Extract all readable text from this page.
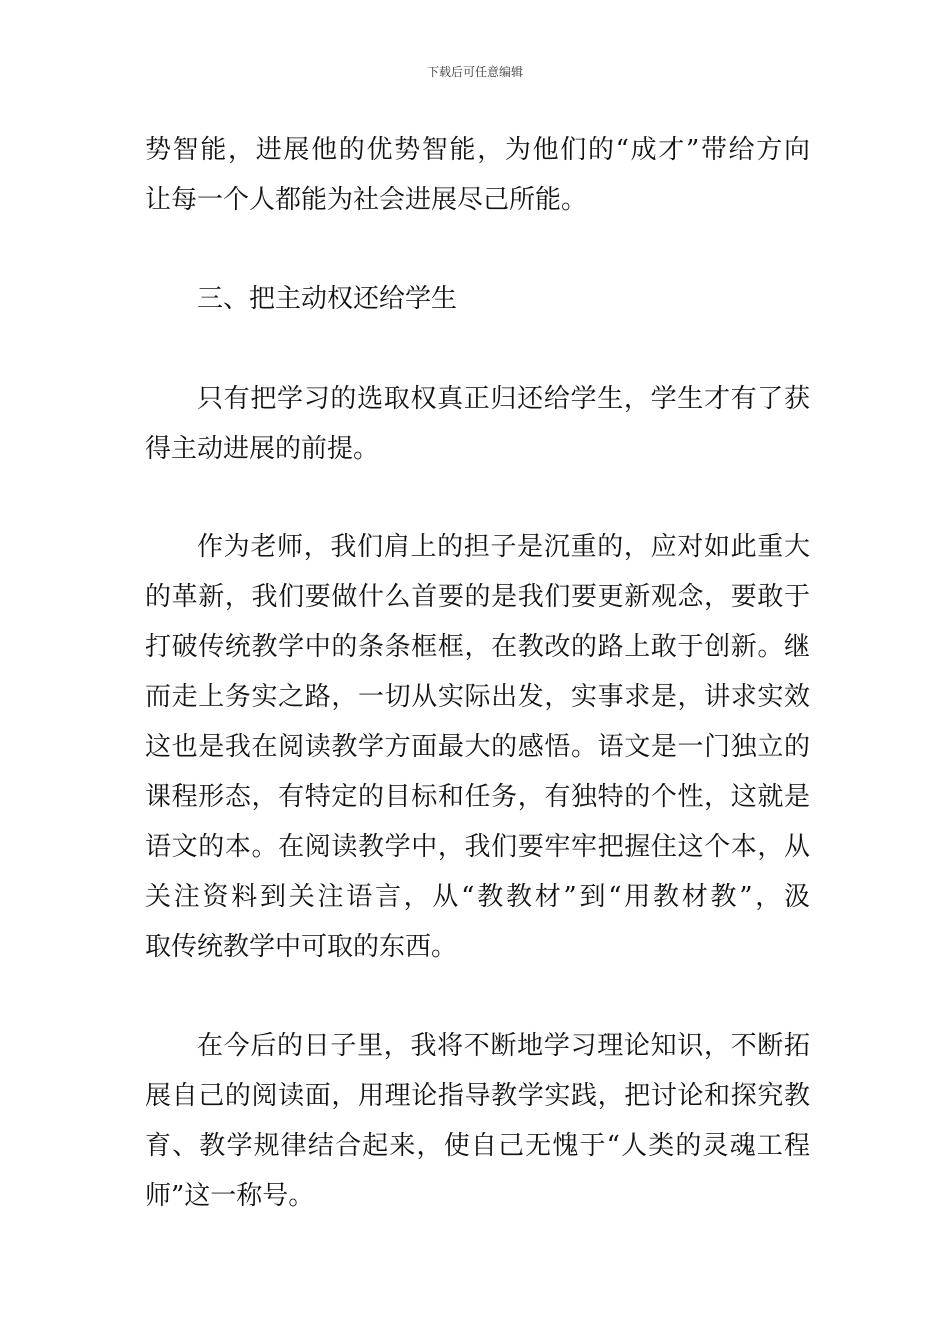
下载后可任意编辑
势智能，进展他的优势智能，为他们的“成才”带给方向
让每一个人都能为社会进展尽己所能。
三、把主动权还给学生
只有把学习的选取权真正归还给学生，学生才有了获
得主动进展的前提。
作为老师，我们肩上的担子是沉重的，应对如此重大
的革新，我们要做什么首要的是我们要更新观念，要敢于
打破传统教学中的条条框框，在教改的路上敢于创新。继
而走上务实之路，一切从实际出发，实事求是，讲求实效
这也是我在阅读教学方面最大的感悟。语文是一门独立的
课程形态，有特定的目标和任务，有独特的个性，这就是
语文的本。在阅读教学中，我们要牢牢把握住这个本，从
关注资料到关注语言，从“教教材”到“用教材教”，汲
取传统教学中可取的东西。
在今后的日子里，我将不断地学习理论知识，不断拓
展自己的阅读面，用理论指导教学实践，把讨论和探究教
育、教学规律结合起来，使自己无愧于“人类的灵魂工程
师”这一称号。
